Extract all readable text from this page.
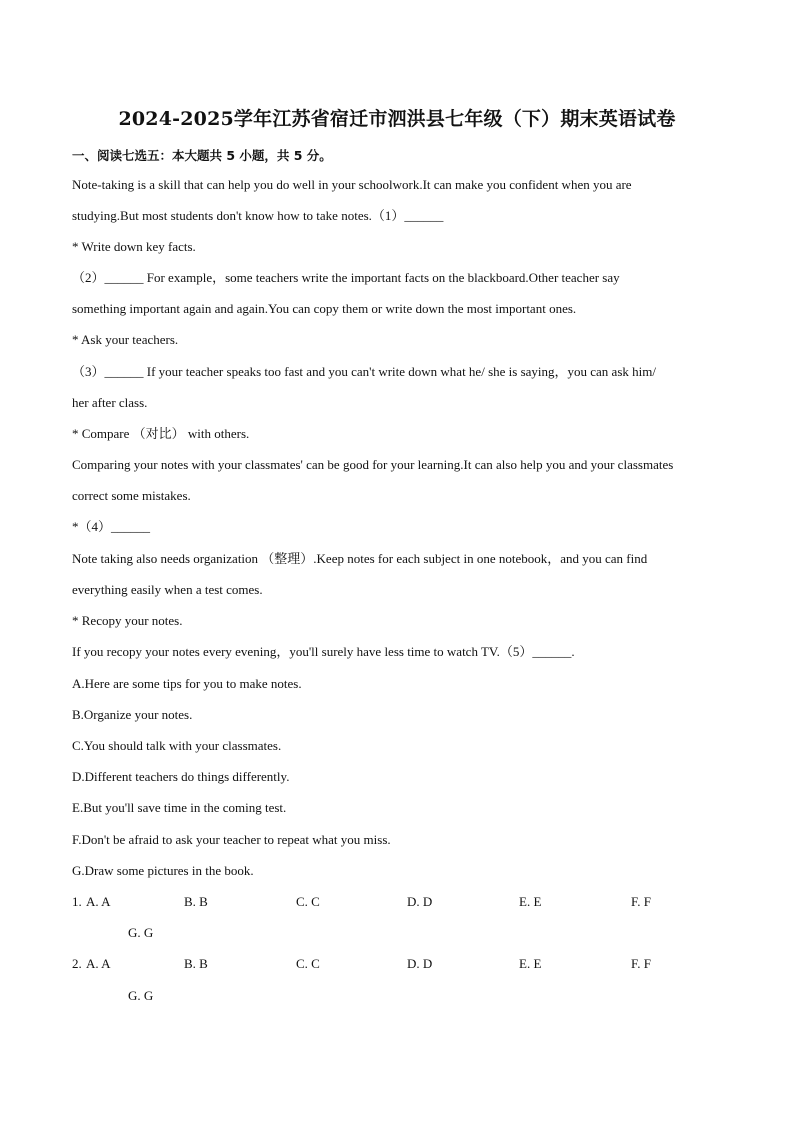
2024-2025学年江苏省宿迁市泗洪县七年级（下）期末英语试卷
一、阅读七选五：本大题共 5 小题，共 5 分。
Note-taking is a skill that can help you do well in your schoolwork.It can make you confident when you are
studying.But most students don't know how to take notes.（1）______
* Write down key facts.
（2）______ For example，some teachers write the important facts on the blackboard.Other teacher say
something important again and again.You can copy them or write down the most important ones.
* Ask your teachers.
（3）______ If your teacher speaks too fast and you can't write down what he/ she is saying，you can ask him/
her after class.
* Compare （对比） with others.
Comparing your notes with your classmates' can be good for your learning.It can also help you and your classmates
correct some mistakes.
*（4）______
Note taking also needs organization （整理）.Keep notes for each subject in one notebook，and you can find
everything easily when a test comes.
* Recopy your notes.
If you recopy your notes every evening，you'll surely have less time to watch TV.（5）______.
A.Here are some tips for you to make notes.
B.Organize your notes.
C.You should talk with your classmates.
D.Different teachers do things differently.
E.But you'll save time in the coming test.
F.Don't be afraid to ask your teacher to repeat what you miss.
G.Draw some pictures in the book.
1. A. A	B. B	C. C	D. D	E. E	F. F
G. G
2. A. A	B. B	C. C	D. D	E. E	F. F
G. G
